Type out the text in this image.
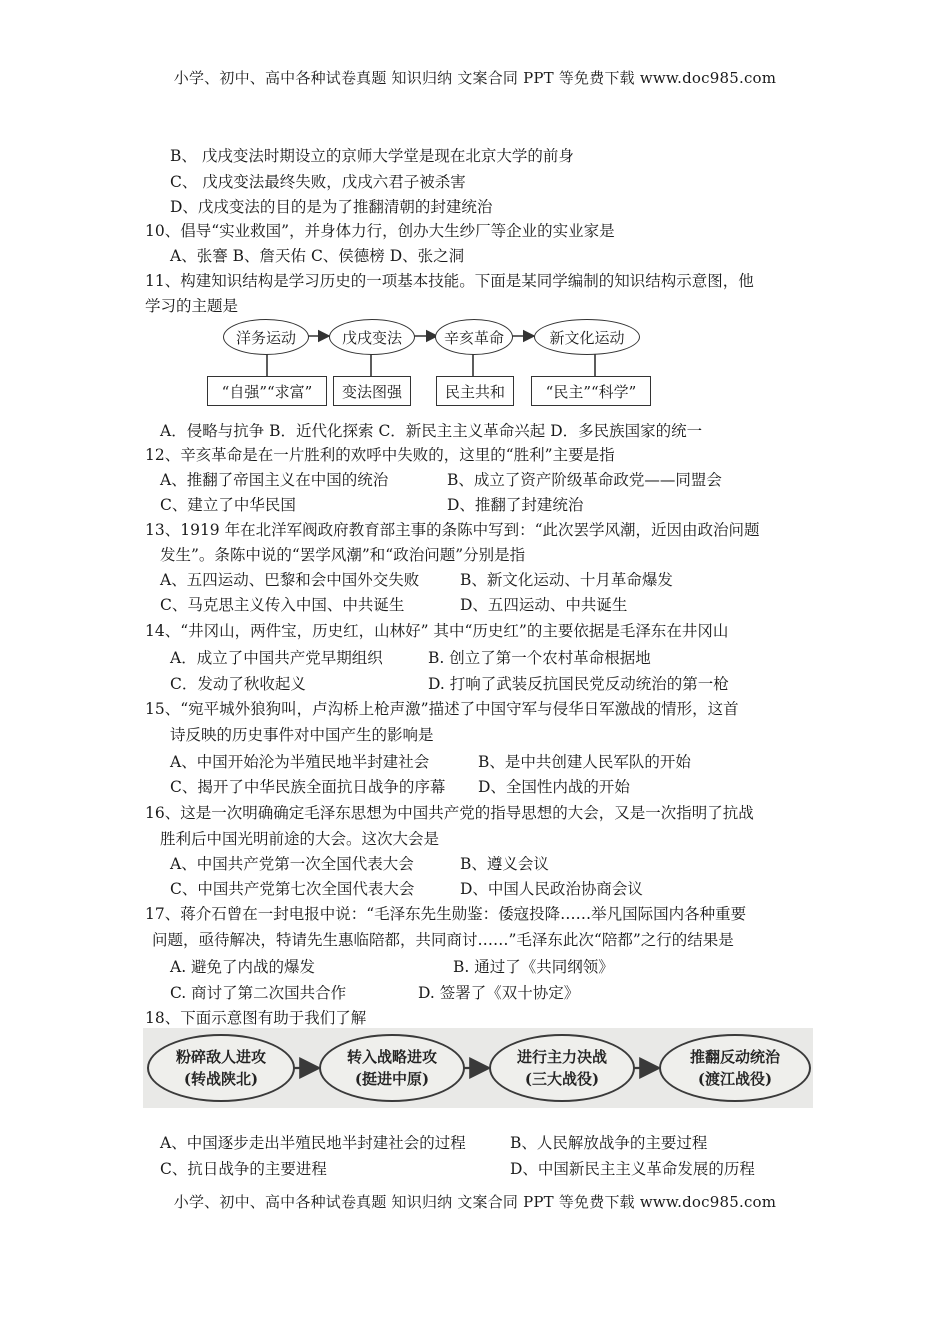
小学、初中、高中各种试卷真题 知识归纳 文案合同 PPT 等免费下载 www.doc985.com
B、 戊戌变法时期设立的京师大学堂是现在北京大学的前身
C、 戊戌变法最终失败，戊戌六君子被杀害
D、戊戌变法的目的是为了推翻清朝的封建统治
10、倡导“实业救国”，并身体力行，创办大生纱厂等企业的实业家是
A、张謇 B、詹天佑 C、侯德榜 D、张之洞
11、构建知识结构是学习历史的一项基本技能。下面是某同学编制的知识结构示意图，他
学习的主题是
洋务运动	戊戌变法	辛亥革命	新文化运动
“自强”“求富”	变法图强	民主共和	“民主”“科学”
A．侵略与抗争 B．近代化探索 C．新民主主义革命兴起 D．多民族国家的统一
12、辛亥革命是在一片胜利的欢呼中失败的，这里的“胜利”主要是指
A、推翻了帝国主义在中国的统治	B、成立了资产阶级革命政党——同盟会
C、建立了中华民国	D、推翻了封建统治
13、1919 年在北洋军阀政府教育部主事的条陈中写到：“此次罢学风潮，近因由政治问题
发生”。条陈中说的“罢学风潮”和“政治问题”分别是指
A、五四运动、巴黎和会中国外交失败	B、新文化运动、十月革命爆发
C、马克思主义传入中国、中共诞生	D、五四运动、中共诞生
14、“井冈山，两件宝，历史红，山林好” 其中“历史红”的主要依据是毛泽东在井冈山
A．成立了中国共产党早期组织	B. 创立了第一个农村革命根据地
C．发动了秋收起义	D. 打响了武装反抗国民党反动统治的第一枪
15、“宛平城外狼狗叫，卢沟桥上枪声激”描述了中国守军与侵华日军激战的情形，这首
诗反映的历史事件对中国产生的影响是
A、中国开始沦为半殖民地半封建社会	B、是中共创建人民军队的开始
C、揭开了中华民族全面抗日战争的序幕 D、全国性内战的开始
16、这是一次明确确定毛泽东思想为中国共产党的指导思想的大会，又是一次指明了抗战
胜利后中国光明前途的大会。这次大会是
A、中国共产党第一次全国代表大会	B、遵义会议
C、中国共产党第七次全国代表大会	D、中国人民政治协商会议
17、蒋介石曾在一封电报中说：“毛泽东先生勋鉴：倭寇投降……举凡国际国内各种重要
问题，亟待解决，特请先生惠临陪都，共同商讨……”毛泽东此次“陪都”之行的结果是
A. 避免了内战的爆发	B. 通过了《共同纲领》
C. 商讨了第二次国共合作	D. 签署了《双十协定》
18、下面示意图有助于我们了解
粉碎敌人进攻
(转战陕北)
转入战略进攻
(挺进中原)
进行主力决战
(三大战役)
推翻反动统治
(渡江战役)
A、中国逐步走出半殖民地半封建社会的过程	B、人民解放战争的主要过程
C、抗日战争的主要进程	D、中国新民主主义革命发展的历程
小学、初中、高中各种试卷真题 知识归纳 文案合同 PPT 等免费下载 www.doc985.com
